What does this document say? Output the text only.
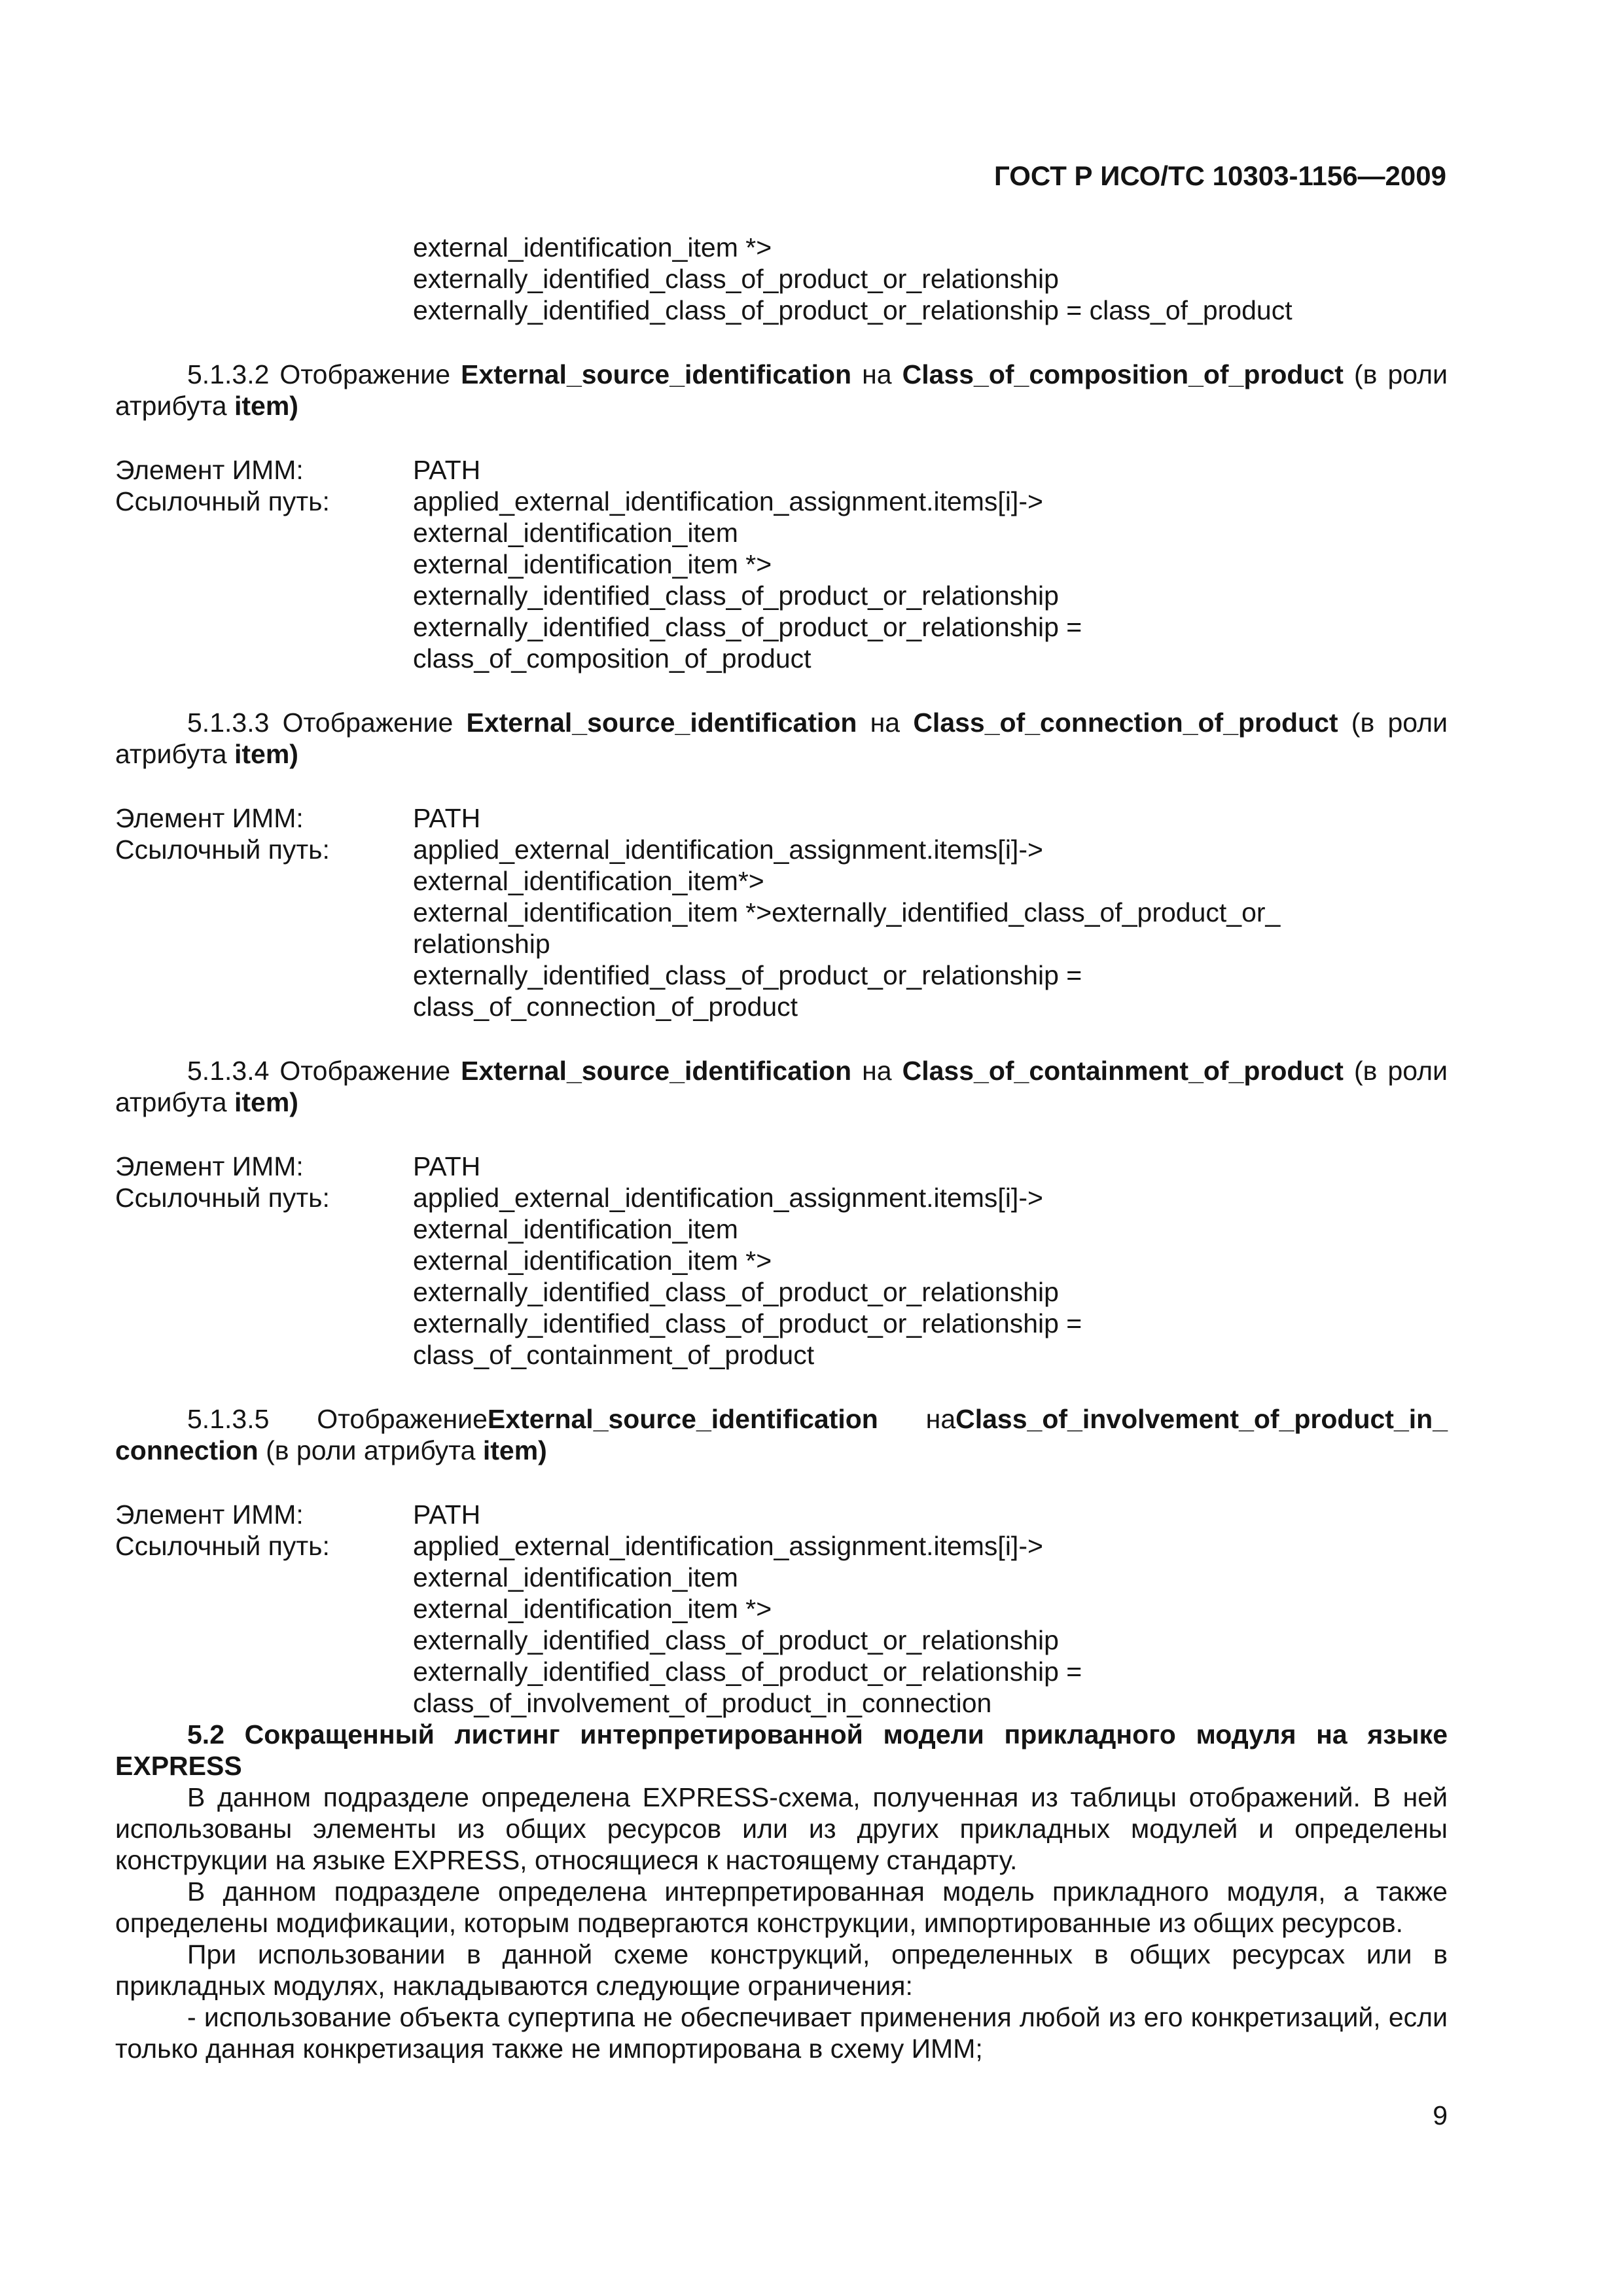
ГОСТ Р ИСО/ТС 10303-1156—2009
external_identification_item *>
externally_identified_class_of_product_or_relationship
externally_identified_class_of_product_or_relationship = class_of_product
5.1.3.2 Отображение External_source_identification на Class_of_composition_of_product (в роли атрибута item)
Элемент ИММ:	PATH
Ссылочный путь:	applied_external_identification_assignment.items[i]->
external_identification_item
external_identification_item *>
externally_identified_class_of_product_or_relationship
externally_identified_class_of_product_or_relationship =
class_of_composition_of_product
5.1.3.3 Отображение External_source_identification на Class_of_connection_of_product (в роли атрибута item)
Элемент ИММ:	PATH
Ссылочный путь:	applied_external_identification_assignment.items[i]->
external_identification_item*>
external_identification_item *>externally_identified_class_of_product_or_
relationship
externally_identified_class_of_product_or_relationship =
class_of_connection_of_product
5.1.3.4 Отображение External_source_identification на Class_of_containment_of_product (в роли атрибута item)
Элемент ИММ:	PATH
Ссылочный путь:	applied_external_identification_assignment.items[i]->
external_identification_item
external_identification_item *>
externally_identified_class_of_product_or_relationship
externally_identified_class_of_product_or_relationship =
class_of_containment_of_product
5.1.3.5 ОтображениеExternal_source_identification наClass_of_involvement_of_product_in_ connection (в роли атрибута item)
Элемент ИММ:	PATH
Ссылочный путь:	applied_external_identification_assignment.items[i]->
external_identification_item
external_identification_item *>
externally_identified_class_of_product_or_relationship
externally_identified_class_of_product_or_relationship =
class_of_involvement_of_product_in_connection
5.2 Сокращенный листинг интерпретированной модели прикладного модуля на языке EXPRESS
В данном подразделе определена EXPRESS-схема, полученная из таблицы отображений. В ней использованы элементы из общих ресурсов или из других прикладных модулей и определены конструкции на языке EXPRESS, относящиеся к настоящему стандарту.
В данном подразделе определена интерпретированная модель прикладного модуля, а также определены модификации, которым подвергаются конструкции, импортированные из общих ресурсов.
При использовании в данной схеме конструкций, определенных в общих ресурсах или в прикладных модулях, накладываются следующие ограничения:
- использование объекта супертипа не обеспечивает применения любой из его конкретизаций, если только данная конкретизация также не импортирована в схему ИММ;
9
